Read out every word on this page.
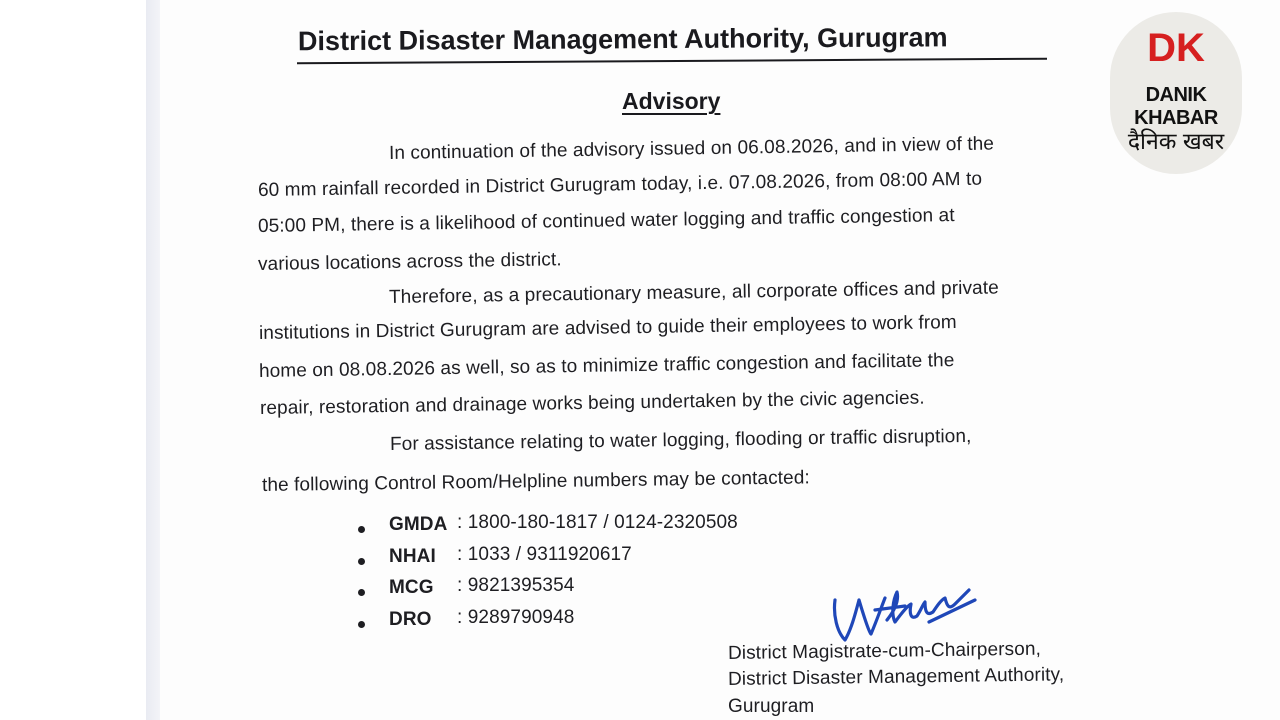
District Disaster Management Authority, Gurugram
Advisory
In continuation of the advisory issued on 06.08.2026, and in view of the
60 mm rainfall recorded in District Gurugram today, i.e. 07.08.2026, from 08:00 AM to
05:00 PM, there is a likelihood of continued water logging and traffic congestion at
various locations across the district.
Therefore, as a precautionary measure, all corporate offices and private
institutions in District Gurugram are advised to guide their employees to work from
home on 08.08.2026 as well, so as to minimize traffic congestion and facilitate the
repair, restoration and drainage works being undertaken by the civic agencies.
For assistance relating to water logging, flooding or traffic disruption,
the following Control Room/Helpline numbers may be contacted:
GMDA : 1800-180-1817 / 0124-2320508
NHAI : 1033 / 9311920617
MCG : 9821395354
DRO : 9289790948
District Magistrate-cum-Chairperson,
District Disaster Management Authority,
Gurugram
DK
DANIK KHABAR
दैनिक खबर
